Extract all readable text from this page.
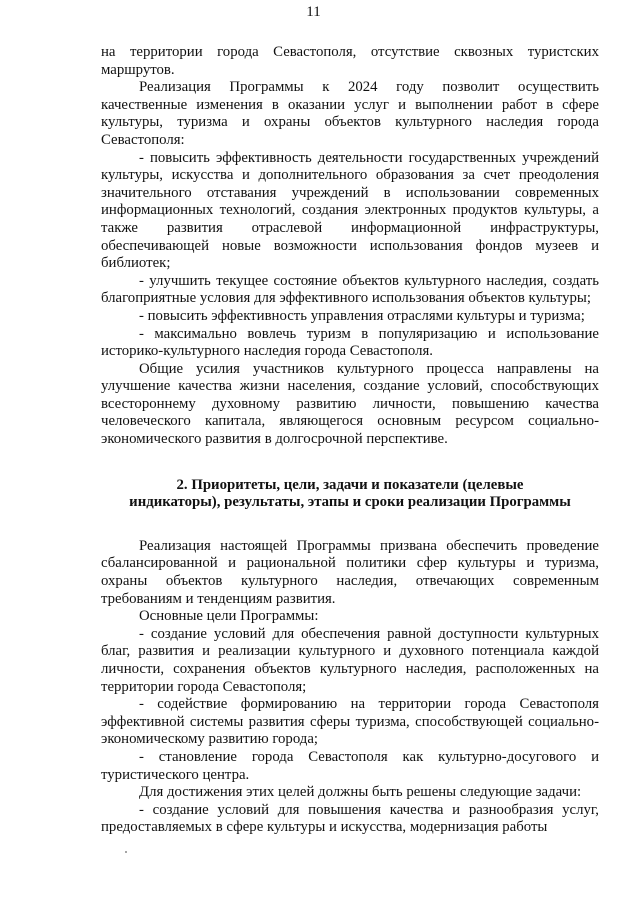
11

на территории города Севастополя, отсутствие сквозных туристских маршрутов.

Реализация Программы к 2024 году позволит осуществить качественные изменения в оказании услуг и выполнении работ в сфере культуры, туризма и охраны объектов культурного наследия города Севастополя:

- повысить эффективность деятельности государственных учреждений культуры, искусства и дополнительного образования за счет преодоления значительного отставания учреждений в использовании современных информационных технологий, создания электронных продуктов культуры, а также развития отраслевой информационной инфраструктуры, обеспечивающей новые возможности использования фондов музеев и библиотек;

- улучшить текущее состояние объектов культурного наследия, создать благоприятные условия для эффективного использования объектов культуры;

- повысить эффективность управления отраслями культуры и туризма;

- максимально вовлечь туризм в популяризацию и использование историко-культурного наследия города Севастополя.

Общие усилия участников культурного процесса направлены на улучшение качества жизни населения, создание условий, способствующих всестороннему духовному развитию личности, повышению качества человеческого капитала, являющегося основным ресурсом социально-экономического развития в долгосрочной перспективе.

2. Приоритеты, цели, задачи и показатели (целевые
индикаторы), результаты, этапы и сроки реализации Программы

Реализация настоящей Программы призвана обеспечить проведение сбалансированной и рациональной политики сфер культуры и туризма, охраны объектов культурного наследия, отвечающих современным требованиям и тенденциям развития.

Основные цели Программы:

- создание условий для обеспечения равной доступности культурных благ, развития и реализации культурного и духовного потенциала каждой личности, сохранения объектов культурного наследия, расположенных на территории города Севастополя;

- содействие формированию на территории города Севастополя эффективной системы развития сферы туризма, способствующей социально-экономическому развитию города;

- становление города Севастополя как культурно-досугового и туристического центра.

Для достижения этих целей должны быть решены следующие задачи:

- создание условий для повышения качества и разнообразия услуг, предоставляемых в сфере культуры и искусства, модернизация работы
